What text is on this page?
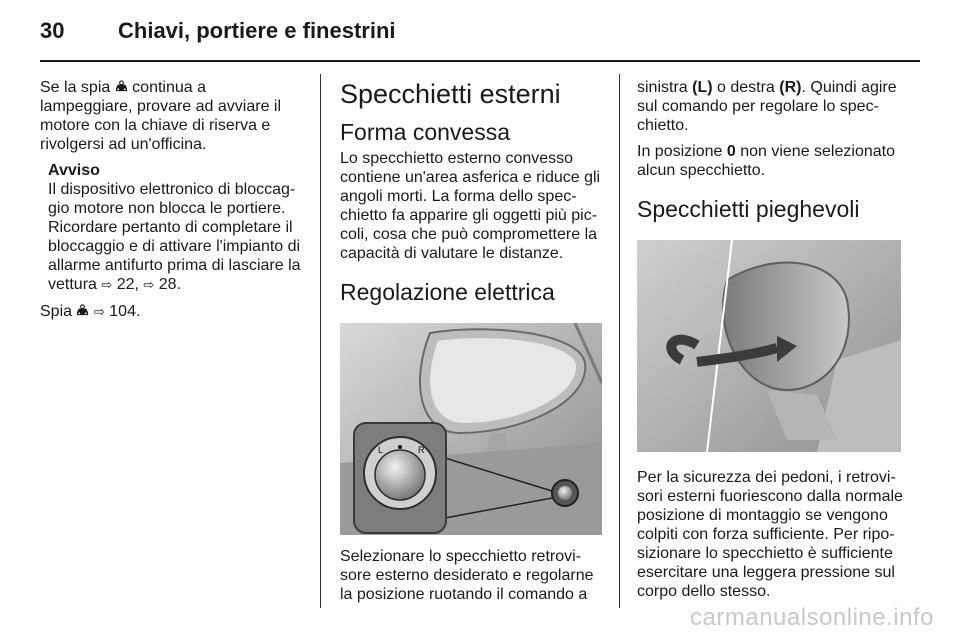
30 Chiavi, portiere e finestrini

Se la spia  continua a lampeggiare, provare ad avviare il motore con la chiave di riserva e rivolgersi ad un'officina.

Avviso
Il dispositivo elettronico di bloccaggio motore non blocca le portiere. Ricordare pertanto di completare il bloccaggio e di attivare l'impianto di allarme antifurto prima di lasciare la vettura ⇨ 22, ⇨ 28.

Spia  ⇨ 104.

Specchietti esterni
Forma convessa

Lo specchietto esterno convesso contiene un'area asferica e riduce gli angoli morti. La forma dello specchietto fa apparire gli oggetti più piccoli, cosa che può compromettere la capacità di valutare le distanze.

Regolazione elettrica
L	R

Selezionare lo specchietto retrovisore esterno desiderato e regolarne la posizione ruotando il comando a

sinistra (L) o destra (R). Quindi agire sul comando per regolare lo specchietto.

In posizione 0 non viene selezionato alcun specchietto.

Specchietti pieghevoli

Per la sicurezza dei pedoni, i retrovisori esterni fuoriescono dalla normale posizione di montaggio se vengono colpiti con forza sufficiente. Per riposizionare lo specchietto è sufficiente esercitare una leggera pressione sul corpo dello stesso.

carmanualsonline.info
